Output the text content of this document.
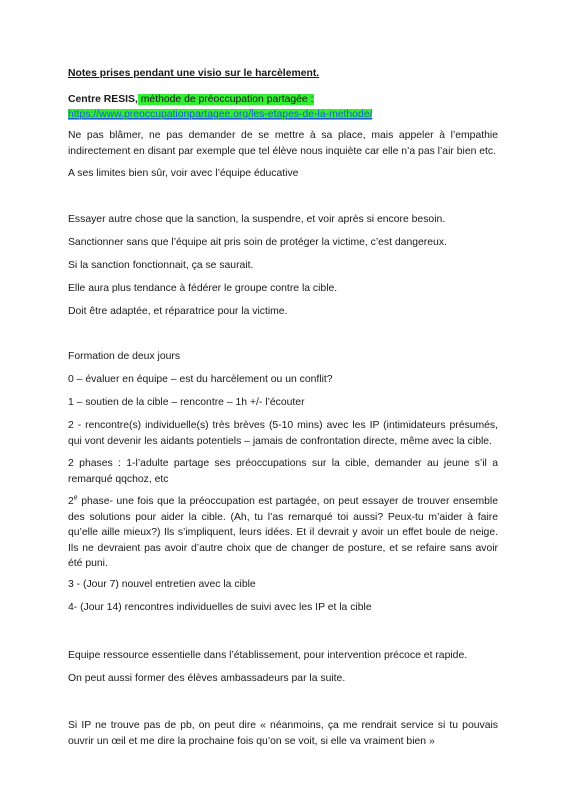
Notes prises pendant une visio sur le harcèlement.

Centre RESIS, méthode de préoccupation partagée :

https://www.preoccupationpartagee.org/les-etapes-de-la-methode/

Ne pas blâmer, ne pas demander de se mettre à sa place, mais appeler à l’empathie indirectement en disant par exemple que tel élève nous inquiète car elle n’a pas l’air bien etc.

A ses limites bien sûr, voir avec l’équipe éducative

Essayer autre chose que la sanction, la suspendre, et voir après si encore besoin.

Sanctionner sans que l’équipe ait pris soin de protéger la victime, c’est dangereux.

Si la sanction fonctionnait, ça se saurait.

Elle aura plus tendance à fédérer le groupe contre la cible.

Doit être adaptée, et réparatrice pour la victime.

Formation de deux jours

0 – évaluer en équipe – est du harcèlement ou un conflit?

1 – soutien de la cible – rencontre – 1h +/- l’écouter

2 - rencontre(s) individuelle(s) très brèves (5-10 mins) avec les IP (intimidateurs présumés, qui vont devenir les aidants potentiels – jamais de confrontation directe, même avec la cible.

2 phases : 1-l’adulte partage ses préoccupations sur la cible, demander au jeune s’il a remarqué qqchoz, etc

2e phase- une fois que la préoccupation est partagée, on peut essayer de trouver ensemble des solutions pour aider la cible. (Ah, tu l’as remarqué toi aussi? Peux-tu m’aider à faire qu’elle aille mieux?) Ils s’impliquent, leurs idées. Et il devrait y avoir un effet boule de neige. Ils ne devraient pas avoir d’autre choix que de changer de posture, et se refaire sans avoir été puni.

3 - (Jour 7) nouvel entretien avec la cible

4- (Jour 14) rencontres individuelles de suivi avec les IP et la cible

Equipe ressource essentielle dans l’établissement, pour intervention précoce et rapide.

On peut aussi former des élèves ambassadeurs par la suite.

Si IP ne trouve pas de pb, on peut dire « néanmoins, ça me rendrait service si tu pouvais ouvrir un œil et me dire la prochaine fois qu’on se voit, si elle va vraiment bien »
